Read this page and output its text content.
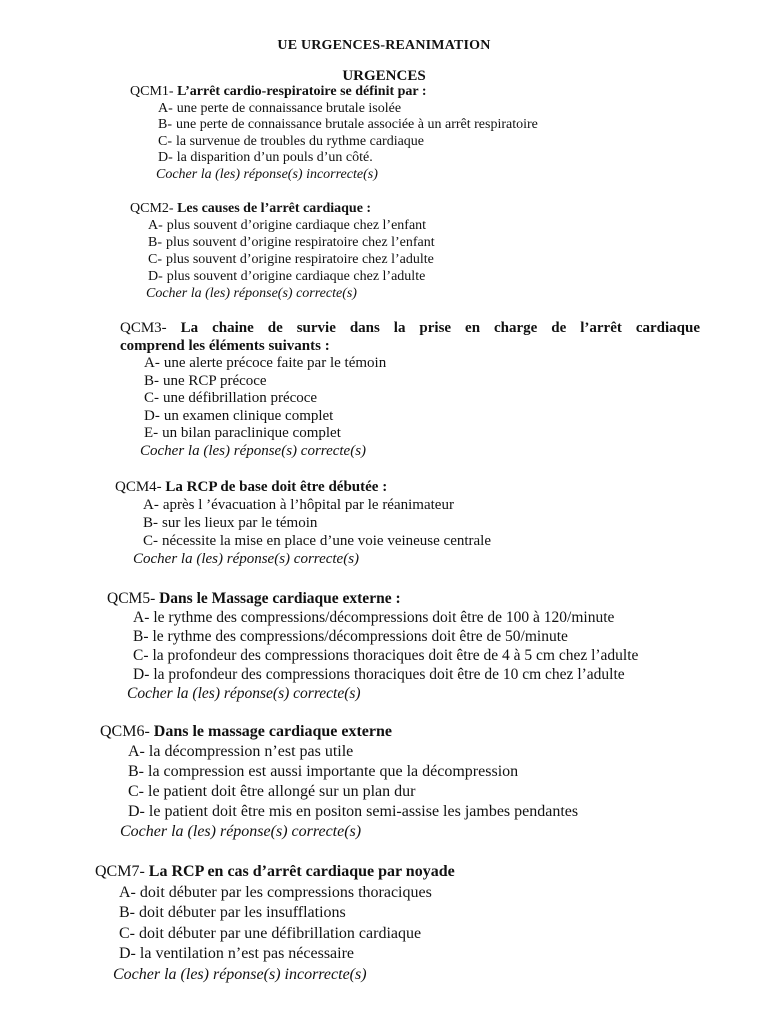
UE URGENCES-REANIMATION
URGENCES
QCM1- L’arrêt cardio-respiratoire se définit par :
A- une perte de connaissance brutale isolée
B- une perte de connaissance brutale associée à un arrêt respiratoire
C- la survenue de troubles du rythme cardiaque
D- la disparition d’un pouls d’un côté.
Cocher la (les) réponse(s) incorrecte(s)
QCM2- Les causes de l’arrêt cardiaque :
A- plus souvent d’origine cardiaque chez l’enfant
B- plus souvent d’origine respiratoire chez l’enfant
C- plus souvent d’origine respiratoire chez l’adulte
D- plus souvent d’origine cardiaque chez l’adulte
Cocher la (les) réponse(s) correcte(s)
QCM3- La chaine de survie dans la prise en charge de l’arrêt cardiaque
comprend les éléments suivants :
A- une alerte précoce faite par le témoin
B- une RCP précoce
C- une défibrillation précoce
D- un examen clinique complet
E- un bilan paraclinique complet
Cocher la (les) réponse(s) correcte(s)
QCM4- La RCP de base doit être débutée :
A- après l ’évacuation à l’hôpital par le réanimateur
B- sur les lieux par le témoin
C- nécessite la mise en place d’une voie veineuse centrale
Cocher la (les) réponse(s) correcte(s)
QCM5- Dans le Massage cardiaque externe :
A- le rythme des compressions/décompressions doit être de 100 à 120/minute
B- le rythme des compressions/décompressions doit être de 50/minute
C- la profondeur des compressions thoraciques doit être de 4 à 5 cm chez l’adulte
D- la profondeur des compressions thoraciques doit être de 10 cm chez l’adulte
Cocher la (les) réponse(s) correcte(s)
QCM6- Dans le massage cardiaque externe
A- la décompression n’est pas utile
B- la compression est aussi importante que la décompression
C- le patient doit être allongé sur un plan dur
D- le patient doit être mis en positon semi-assise les jambes pendantes
Cocher la (les) réponse(s) correcte(s)
QCM7- La RCP en cas d’arrêt cardiaque par noyade
A- doit débuter par les compressions thoraciques
B- doit débuter par les insufflations
C- doit débuter par une défibrillation cardiaque
D- la ventilation n’est pas nécessaire
Cocher la (les) réponse(s) incorrecte(s)
